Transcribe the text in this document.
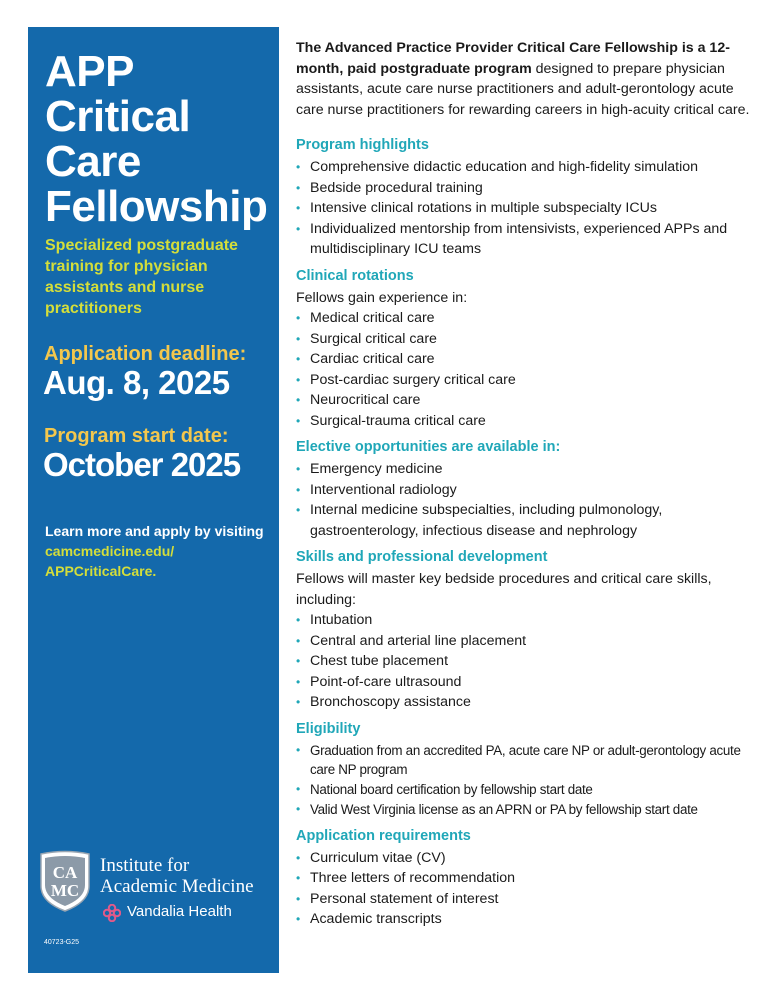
APP
Critical
Care
Fellowship
Specialized postgraduate training for physician assistants and nurse practitioners
Application deadline:
Aug. 8, 2025
Program start date:
October 2025
Learn more and apply by visiting camcmedicine.edu/ APPCriticalCare.
CA
MC
Institute for
Academic Medicine
Vandalia Health
40723-G25

The Advanced Practice Provider Critical Care Fellowship is a 12-month, paid postgraduate program designed to prepare physician assistants, acute care nurse practitioners and adult-gerontology acute care nurse practitioners for rewarding careers in high-acuity critical care.

Program highlights
• Comprehensive didactic education and high-fidelity simulation
• Bedside procedural training
• Intensive clinical rotations in multiple subspecialty ICUs
• Individualized mentorship from intensivists, experienced APPs and multidisciplinary ICU teams
Clinical rotations

Fellows gain experience in:

• Medical critical care
• Surgical critical care
• Cardiac critical care
• Post-cardiac surgery critical care
• Neurocritical care
• Surgical-trauma critical care
Elective opportunities are available in:
• Emergency medicine
• Interventional radiology
• Internal medicine subspecialties, including pulmonology, gastroenterology, infectious disease and nephrology
Skills and professional development

Fellows will master key bedside procedures and critical care skills, including:

• Intubation
• Central and arterial line placement
• Chest tube placement
• Point-of-care ultrasound
• Bronchoscopy assistance
Eligibility
• Graduation from an accredited PA, acute care NP or adult-gerontology acute care NP program
• National board certification by fellowship start date
• Valid West Virginia license as an APRN or PA by fellowship start date
Application requirements
• Curriculum vitae (CV)
• Three letters of recommendation
• Personal statement of interest
• Academic transcripts
